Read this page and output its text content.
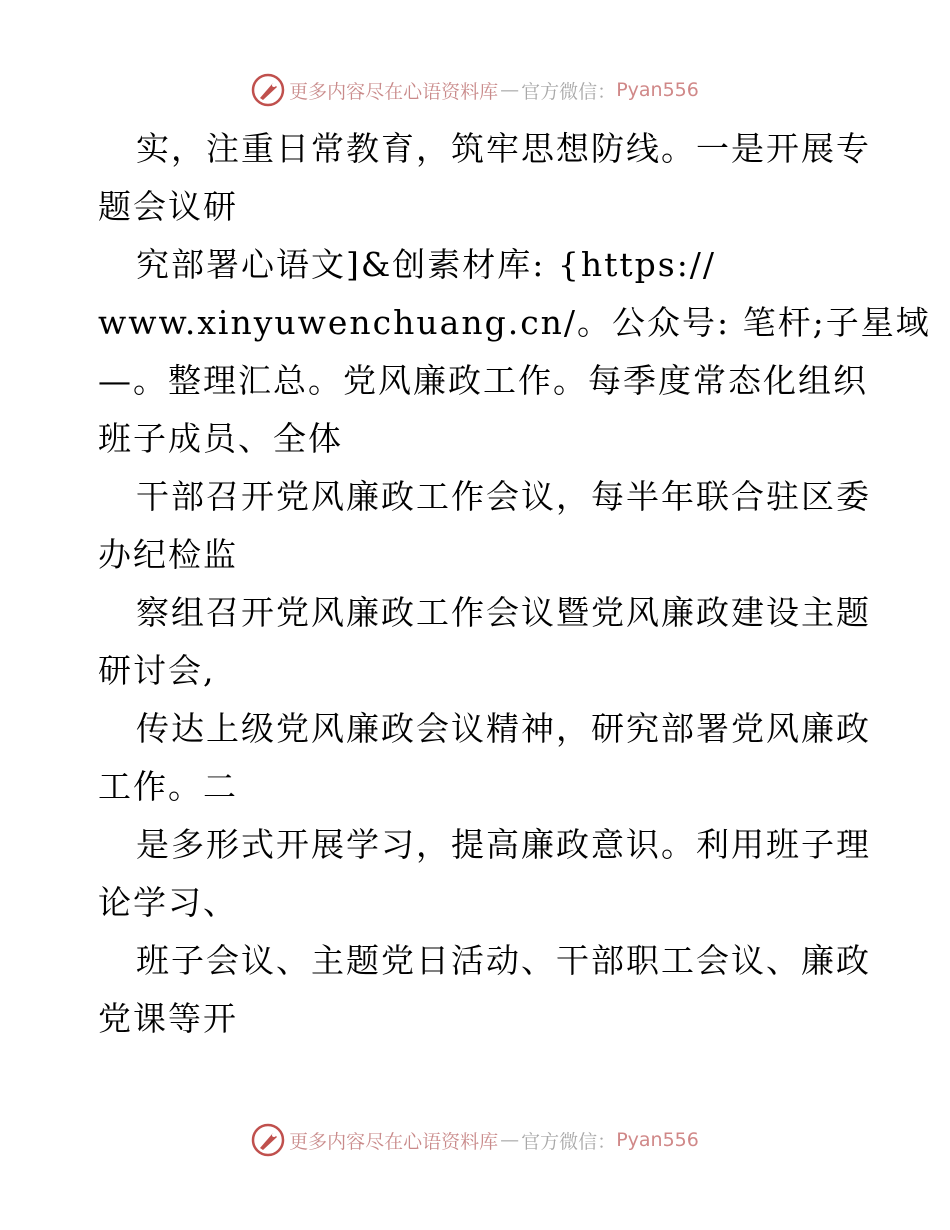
更多内容尽在心语资料库 — 官方微信： Pyan556
实，注重日常教育，筑牢思想防线。一是开展专
题会议研
究部署心语文]&创素材库: {https://
www.xinyuwenchuang.cn/。公众号: 笔杆;子星域
—。整理汇总。党风廉政工作。每季度常态化组织
班子成员、全体
干部召开党风廉政工作会议，每半年联合驻区委
办纪检监
察组召开党风廉政工作会议暨党风廉政建设主题
研讨会,
传达上级党风廉政会议精神，研究部署党风廉政
工作。二
是多形式开展学习，提高廉政意识。利用班子理
论学习、
班子会议、主题党日活动、干部职工会议、廉政
党课等开
更多内容尽在心语资料库 — 官方微信： Pyan556
